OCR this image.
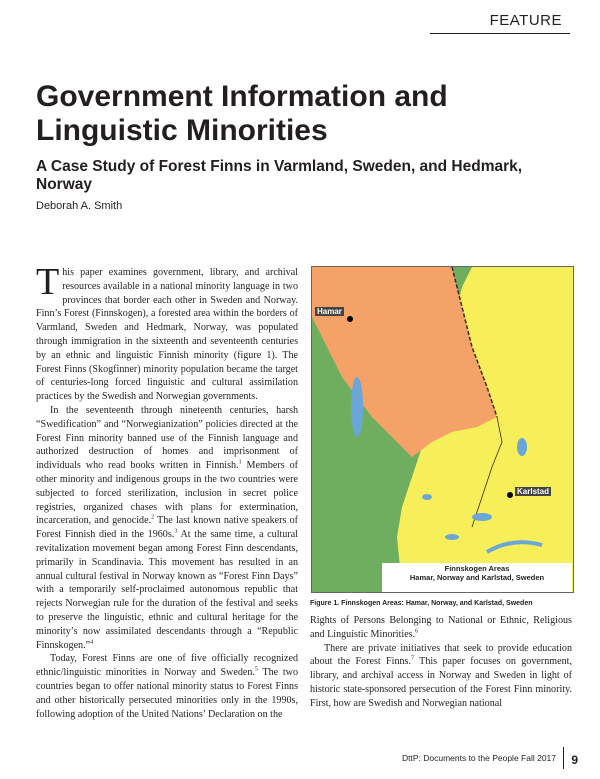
FEATURE
Government Information and Linguistic Minorities
A Case Study of Forest Finns in Varmland, Sweden, and Hedmark, Norway
Deborah A. Smith

This paper examines government, library, and archival resources available in a national minority language in two provinces that border each other in Sweden and Norway. Finn’s Forest (Finnskogen), a forested area within the borders of Varmland, Sweden and Hedmark, Norway, was populated through immigration in the sixteenth and seventeenth centuries by an ethnic and linguistic Finnish minority (figure 1). The Forest Finns (Skogfinner) minority population became the target of centuries-long forced linguistic and cultural assimilation practices by the Swedish and Norwegian governments.

In the seventeenth through nineteenth centuries, harsh “Swedification” and “Norwegianization” policies directed at the Forest Finn minority banned use of the Finnish language and authorized destruction of homes and imprisonment of individuals who read books written in Finnish.$^1$ Members of other minority and indigenous groups in the two countries were subjected to forced sterilization, inclusion in secret police registries, organized chases with plans for extermination, incarceration, and genocide.$^2$ The last known native speakers of Forest Finnish died in the 1960s.$^3$ At the same time, a cultural revitalization movement began among Forest Finn descendants, primarily in Scandinavia. This movement has resulted in an annual cultural festival in Norway known as “Forest Finn Days” with a temporarily self-proclaimed autonomous republic that rejects Norwegian rule for the duration of the festival and seeks to preserve the linguistic, ethnic and cultural heritage for the minority’s now assimilated descendants through a “Republic Finnskogen.”$^4$

Today, Forest Finns are one of five officially recognized ethnic/linguistic minorities in Norway and Sweden.$^5$ The two countries began to offer national minority status to Forest Finns and other historically persecuted minorities only in the 1990s, following adoption of the United Nations’ Declaration on the

Hamar
Karlstad
Finnskogen Areas
Hamar, Norway and Karlstad, Sweden
Figure 1. Finnskogen Areas: Hamar, Norway, and Karlstad, Sweden

Rights of Persons Belonging to National or Ethnic, Religious and Linguistic Minorities.$^6$

There are private initiatives that seek to provide education about the Forest Finns.$^7$ This paper focuses on government, library, and archival access in Norway and Sweden in light of historic state-sponsored persecution of the Forest Finn minority. First, how are Swedish and Norwegian national

DttP: Documents to the People Fall 2017 9
